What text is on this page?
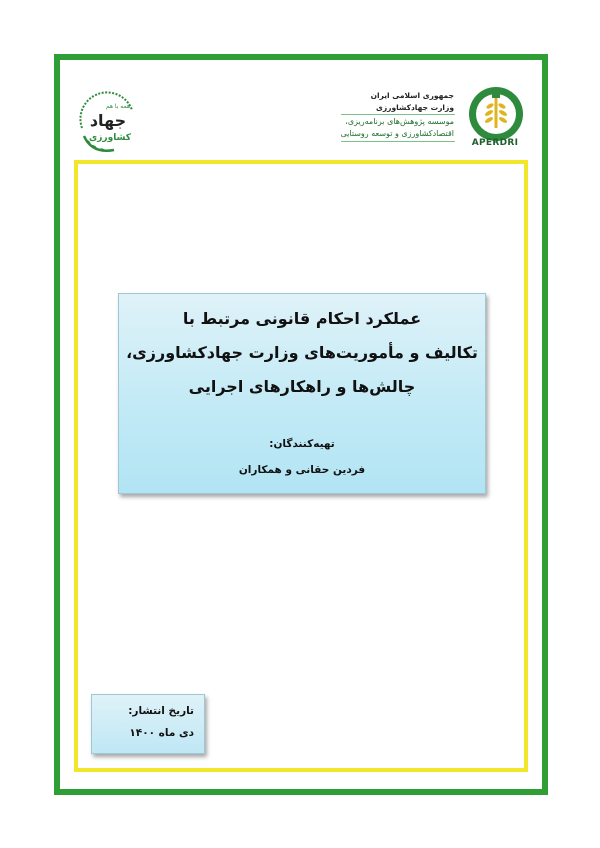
APERDRI
جمهوری اسلامی ایران
وزارت جهادکشاورزی
موسسه پژوهش‌های برنامه‌ریزی،
اقتصادکشاورزی و توسعه روستایی
همه با هم
جهاد
کشاورزی
عملکرد احکام قانونی مرتبط با
تکالیف و مأموریت‌های وزارت جهادکشاورزی،
چالش‌ها و راهکارهای اجرایی
تهیه‌کنندگان:
فردین حقانی و همکاران
تاریخ انتشار:
دی ماه ۱۴۰۰
